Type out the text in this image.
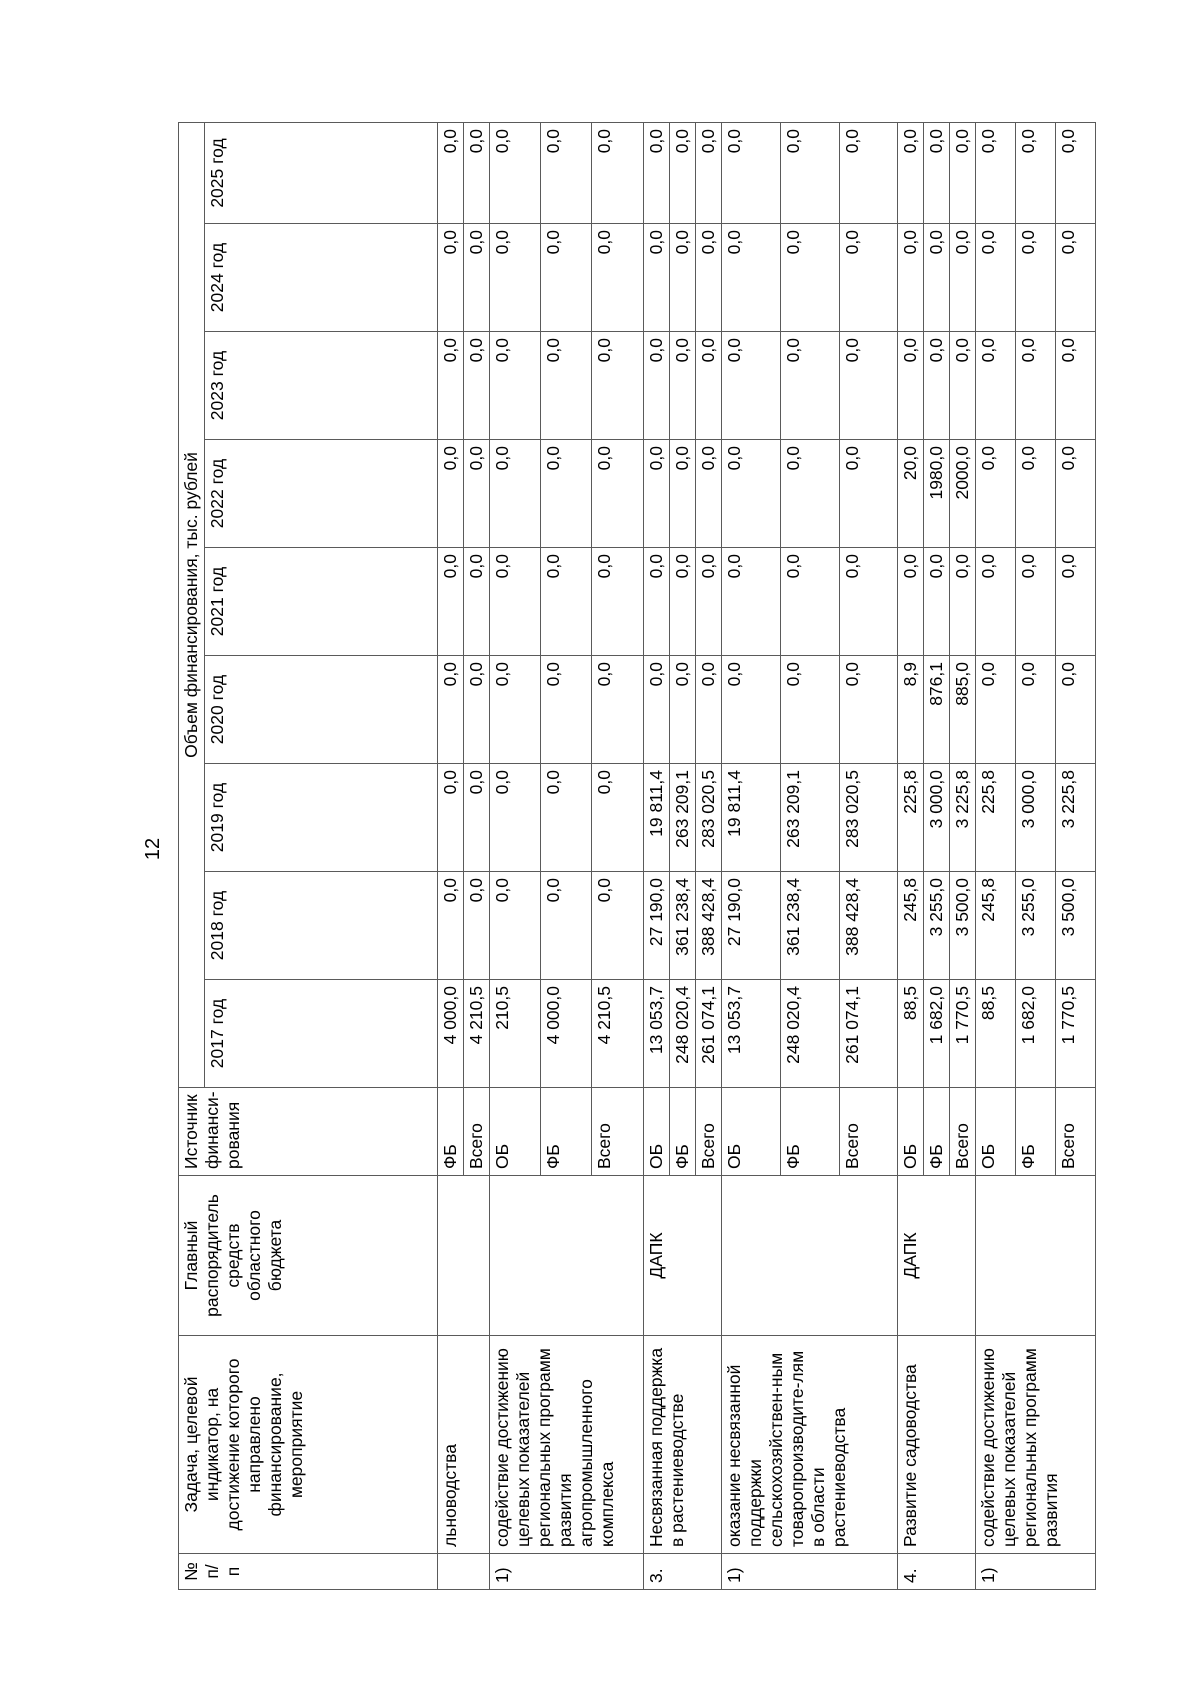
12
№ п/п	Задача, целевой индикатор, на достижение которого направлено финансирование, мероприятие	Главный распорядитель средств областного бюджета	Источник финанси-рования	Объем финансирования, тыс. рублей								
				2017 год	2018 год	2019 год	2020 год	2021 год	2022 год	2023 год	2024 год	2025 год
	льноводства		ФБ	4 000,0	0,0	0,0	0,0	0,0	0,0	0,0	0,0	0,0
			Всего	4 210,5	0,0	0,0	0,0	0,0	0,0	0,0	0,0	0,0
1)	содействие достижению целевых показателей региональных программ развития агропромышленного комплекса		ОБ	210,5	0,0	0,0	0,0	0,0	0,0	0,0	0,0	0,0
			ФБ	4 000,0	0,0	0,0	0,0	0,0	0,0	0,0	0,0	0,0
			Всего	4 210,5	0,0	0,0	0,0	0,0	0,0	0,0	0,0	0,0
3.	Несвязанная поддержка в растениеводстве	ДАПК	ОБ	13 053,7	27 190,0	19 811,4	0,0	0,0	0,0	0,0	0,0	0,0
			ФБ	248 020,4	361 238,4	263 209,1	0,0	0,0	0,0	0,0	0,0	0,0
			Всего	261 074,1	388 428,4	283 020,5	0,0	0,0	0,0	0,0	0,0	0,0
1)	оказание несвязанной поддержки сельскохозяйствен-ным товаропроизводите-лям в области растениеводства		ОБ	13 053,7	27 190,0	19 811,4	0,0	0,0	0,0	0,0	0,0	0,0
			ФБ	248 020,4	361 238,4	263 209,1	0,0	0,0	0,0	0,0	0,0	0,0
			Всего	261 074,1	388 428,4	283 020,5	0,0	0,0	0,0	0,0	0,0	0,0
4.	Развитие садоводства	ДАПК	ОБ	88,5	245,8	225,8	8,9	0,0	20,0	0,0	0,0	0,0
			ФБ	1 682,0	3 255,0	3 000,0	876,1	0,0	1980,0	0,0	0,0	0,0
			Всего	1 770,5	3 500,0	3 225,8	885,0	0,0	2000,0	0,0	0,0	0,0
1)	содействие достижению целевых показателей региональных программ развития		ОБ	88,5	245,8	225,8	0,0	0,0	0,0	0,0	0,0	0,0
			ФБ	1 682,0	3 255,0	3 000,0	0,0	0,0	0,0	0,0	0,0	0,0
			Всего	1 770,5	3 500,0	3 225,8	0,0	0,0	0,0	0,0	0,0	0,0
